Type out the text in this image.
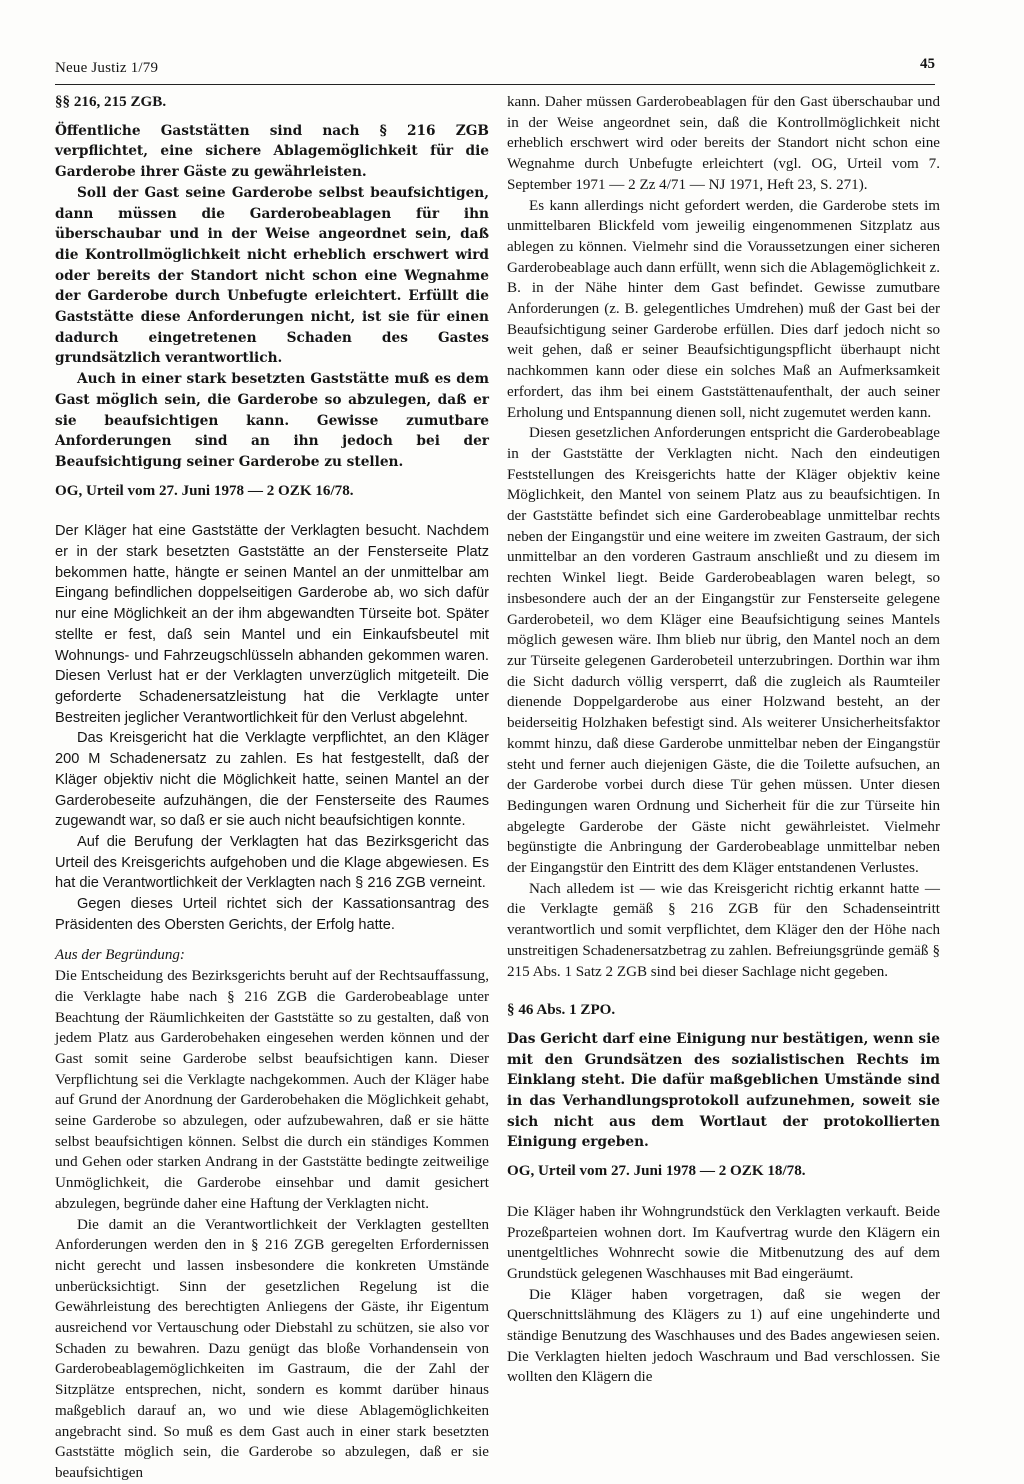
Neue Justiz 1/79	45

§§ 216, 215 ZGB.

Öffentliche Gaststätten sind nach § 216 ZGB verpflichtet, eine sichere Ablagemöglichkeit für die Garderobe ihrer Gäste zu gewährleisten.

Soll der Gast seine Garderobe selbst beaufsichtigen, dann müssen die Garderobeablagen für ihn überschaubar und in der Weise angeordnet sein, daß die Kontrollmöglichkeit nicht erheblich erschwert wird oder bereits der Standort nicht schon eine Wegnahme der Garderobe durch Unbefugte erleichtert. Erfüllt die Gaststätte diese Anforderungen nicht, ist sie für einen dadurch eingetretenen Schaden des Gastes grundsätzlich verantwortlich.

Auch in einer stark besetzten Gaststätte muß es dem Gast möglich sein, die Garderobe so abzulegen, daß er sie beaufsichtigen kann. Gewisse zumutbare Anforderungen sind an ihn jedoch bei der Beaufsichtigung seiner Garderobe zu stellen.

OG, Urteil vom 27. Juni 1978 — 2 OZK 16/78.

Der Kläger hat eine Gaststätte der Verklagten besucht. Nachdem er in der stark besetzten Gaststätte an der Fensterseite Platz bekommen hatte, hängte er seinen Mantel an der unmittelbar am Eingang befindlichen doppelseitigen Garderobe ab, wo sich dafür nur eine Möglichkeit an der ihm abgewandten Türseite bot. Später stellte er fest, daß sein Mantel und ein Einkaufsbeutel mit Wohnungs- und Fahrzeugschlüsseln abhanden gekommen waren. Diesen Verlust hat er der Verklagten unverzüglich mitgeteilt. Die geforderte Schadenersatzleistung hat die Verklagte unter Bestreiten jeglicher Verantwortlichkeit für den Verlust abgelehnt.

Das Kreisgericht hat die Verklagte verpflichtet, an den Kläger 200 M Schadenersatz zu zahlen. Es hat festgestellt, daß der Kläger objektiv nicht die Möglichkeit hatte, seinen Mantel an der Garderobeseite aufzuhängen, die der Fensterseite des Raumes zugewandt war, so daß er sie auch nicht beaufsichtigen konnte.

Auf die Berufung der Verklagten hat das Bezirksgericht das Urteil des Kreisgerichts aufgehoben und die Klage abgewiesen. Es hat die Verantwortlichkeit der Verklagten nach § 216 ZGB verneint.

Gegen dieses Urteil richtet sich der Kassationsantrag des Präsidenten des Obersten Gerichts, der Erfolg hatte.

Aus der Begründung:

Die Entscheidung des Bezirksgerichts beruht auf der Rechtsauffassung, die Verklagte habe nach § 216 ZGB die Garderobeablage unter Beachtung der Räumlichkeiten der Gaststätte so zu gestalten, daß von jedem Platz aus Garderobehaken eingesehen werden können und der Gast somit seine Garderobe selbst beaufsichtigen kann. Dieser Verpflichtung sei die Verklagte nachgekommen. Auch der Kläger habe auf Grund der Anordnung der Garderobehaken die Möglichkeit gehabt, seine Garderobe so abzulegen, oder aufzubewahren, daß er sie hätte selbst beaufsichtigen können. Selbst die durch ein ständiges Kommen und Gehen oder starken Andrang in der Gaststätte bedingte zeitweilige Unmöglichkeit, die Garderobe einsehbar und damit gesichert abzulegen, begründe daher eine Haftung der Verklagten nicht.

Die damit an die Verantwortlichkeit der Verklagten gestellten Anforderungen werden den in § 216 ZGB geregelten Erfordernissen nicht gerecht und lassen insbesondere die konkreten Umstände unberücksichtigt. Sinn der gesetzlichen Regelung ist die Gewährleistung des berechtigten Anliegens der Gäste, ihr Eigentum ausreichend vor Vertauschung oder Diebstahl zu schützen, sie also vor Schaden zu bewahren. Dazu genügt das bloße Vorhandensein von Garderobeablagemöglichkeiten im Gastraum, die der Zahl der Sitzplätze entsprechen, nicht, sondern es kommt darüber hinaus maßgeblich darauf an, wo und wie diese Ablagemöglichkeiten angebracht sind. So muß es dem Gast auch in einer stark besetzten Gaststätte möglich sein, die Garderobe so abzulegen, daß er sie beaufsichtigen

kann. Daher müssen Garderobeablagen für den Gast überschaubar und in der Weise angeordnet sein, daß die Kontrollmöglichkeit nicht erheblich erschwert wird oder bereits der Standort nicht schon eine Wegnahme durch Unbefugte erleichtert (vgl. OG, Urteil vom 7. September 1971 — 2 Zz 4/71 — NJ 1971, Heft 23, S. 271).

Es kann allerdings nicht gefordert werden, die Garderobe stets im unmittelbaren Blickfeld vom jeweilig eingenommenen Sitzplatz aus ablegen zu können. Vielmehr sind die Voraussetzungen einer sicheren Garderobeablage auch dann erfüllt, wenn sich die Ablagemöglichkeit z. B. in der Nähe hinter dem Gast befindet. Gewisse zumutbare Anforderungen (z. B. gelegentliches Umdrehen) muß der Gast bei der Beaufsichtigung seiner Garderobe erfüllen. Dies darf jedoch nicht so weit gehen, daß er seiner Beaufsichtigungspflicht überhaupt nicht nachkommen kann oder diese ein solches Maß an Aufmerksamkeit erfordert, das ihm bei einem Gaststättenaufenthalt, der auch seiner Erholung und Entspannung dienen soll, nicht zugemutet werden kann.

Diesen gesetzlichen Anforderungen entspricht die Garderobeablage in der Gaststätte der Verklagten nicht. Nach den eindeutigen Feststellungen des Kreisgerichts hatte der Kläger objektiv keine Möglichkeit, den Mantel von seinem Platz aus zu beaufsichtigen. In der Gaststätte befindet sich eine Garderobeablage unmittelbar rechts neben der Eingangstür und eine weitere im zweiten Gastraum, der sich unmittelbar an den vorderen Gastraum anschließt und zu diesem im rechten Winkel liegt. Beide Garderobeablagen waren belegt, so insbesondere auch der an der Eingangstür zur Fensterseite gelegene Garderobeteil, wo dem Kläger eine Beaufsichtigung seines Mantels möglich gewesen wäre. Ihm blieb nur übrig, den Mantel noch an dem zur Türseite gelegenen Garderobeteil unterzubringen. Dorthin war ihm die Sicht dadurch völlig versperrt, daß die zugleich als Raumteiler dienende Doppelgarderobe aus einer Holzwand besteht, an der beiderseitig Holzhaken befestigt sind. Als weiterer Unsicherheitsfaktor kommt hinzu, daß diese Garderobe unmittelbar neben der Eingangstür steht und ferner auch diejenigen Gäste, die die Toilette aufsuchen, an der Garderobe vorbei durch diese Tür gehen müssen. Unter diesen Bedingungen waren Ordnung und Sicherheit für die zur Türseite hin abgelegte Garderobe der Gäste nicht gewährleistet. Vielmehr begünstigte die Anbringung der Garderobeablage unmittelbar neben der Eingangstür den Eintritt des dem Kläger entstandenen Verlustes.

Nach alledem ist — wie das Kreisgericht richtig erkannt hatte — die Verklagte gemäß § 216 ZGB für den Schadenseintritt verantwortlich und somit verpflichtet, dem Kläger den der Höhe nach unstreitigen Schadenersatzbetrag zu zahlen. Befreiungsgründe gemäß § 215 Abs. 1 Satz 2 ZGB sind bei dieser Sachlage nicht gegeben.

§ 46 Abs. 1 ZPO.

Das Gericht darf eine Einigung nur bestätigen, wenn sie mit den Grundsätzen des sozialistischen Rechts im Einklang steht. Die dafür maßgeblichen Umstände sind in das Verhandlungsprotokoll aufzunehmen, soweit sie sich nicht aus dem Wortlaut der protokollierten Einigung ergeben.

OG, Urteil vom 27. Juni 1978 — 2 OZK 18/78.

Die Kläger haben ihr Wohngrundstück den Verklagten verkauft. Beide Prozeßparteien wohnen dort. Im Kaufvertrag wurde den Klägern ein unentgeltliches Wohnrecht sowie die Mitbenutzung des auf dem Grundstück gelegenen Waschhauses mit Bad eingeräumt.

Die Kläger haben vorgetragen, daß sie wegen der Querschnittslähmung des Klägers zu 1) auf eine ungehinderte und ständige Benutzung des Waschhauses und des Bades angewiesen seien. Die Verklagten hielten jedoch Waschraum und Bad verschlossen. Sie wollten den Klägern die
